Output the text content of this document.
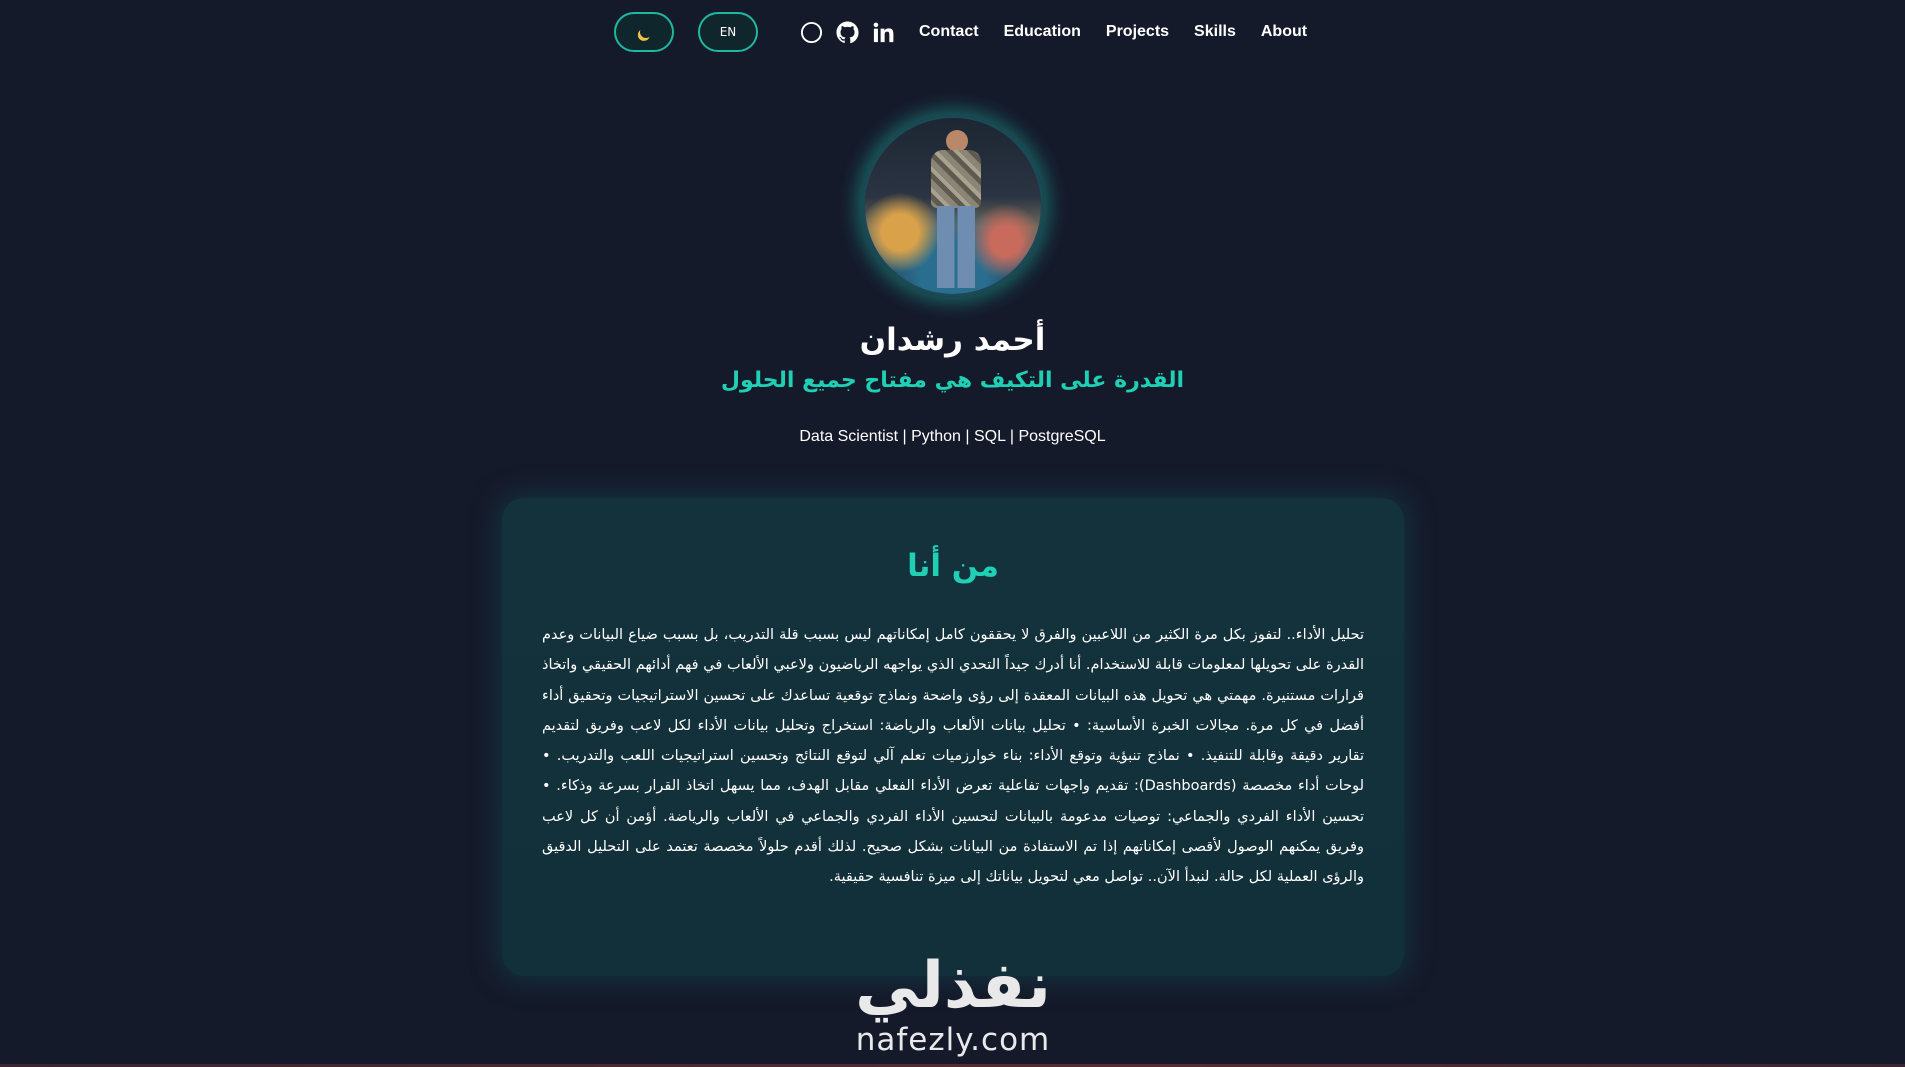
EN	Contact Education Projects Skills About
أحمد رشدان
القدرة على التكيف هي مفتاح جميع الحلول

Data Scientist | Python | SQL | PostgreSQL

من أنا

تحليل الأداء.. لتفوز بكل مرة الكثير من اللاعبين والفرق لا يحققون كامل إمكاناتهم ليس بسبب قلة التدريب، بل بسبب ضياع البيانات وعدم القدرة على تحويلها لمعلومات قابلة للاستخدام. أنا أدرك جيداً التحدي الذي يواجهه الرياضيون ولاعبي الألعاب في فهم أدائهم الحقيقي واتخاذ قرارات مستنيرة. مهمتي هي تحويل هذه البيانات المعقدة إلى رؤى واضحة ونماذج توقعية تساعدك على تحسين الاستراتيجيات وتحقيق أداء أفضل في كل مرة. مجالات الخبرة الأساسية: • تحليل بيانات الألعاب والرياضة: استخراج وتحليل بيانات الأداء لكل لاعب وفريق لتقديم تقارير دقيقة وقابلة للتنفيذ. • نماذج تنبؤية وتوقع الأداء: بناء خوارزميات تعلم آلي لتوقع النتائج وتحسين استراتيجيات اللعب والتدريب. • لوحات أداء مخصصة (Dashboards): تقديم واجهات تفاعلية تعرض الأداء الفعلي مقابل الهدف، مما يسهل اتخاذ القرار بسرعة وذكاء. • تحسين الأداء الفردي والجماعي: توصيات مدعومة بالبيانات لتحسين الأداء الفردي والجماعي في الألعاب والرياضة. أؤمن أن كل لاعب وفريق يمكنهم الوصول لأقصى إمكاناتهم إذا تم الاستفادة من البيانات بشكل صحيح. لذلك أقدم حلولاً مخصصة تعتمد على التحليل الدقيق والرؤى العملية لكل حالة. لنبدأ الآن.. تواصل معي لتحويل بياناتك إلى ميزة تنافسية حقيقية.

نفذلي
nafezly.com
